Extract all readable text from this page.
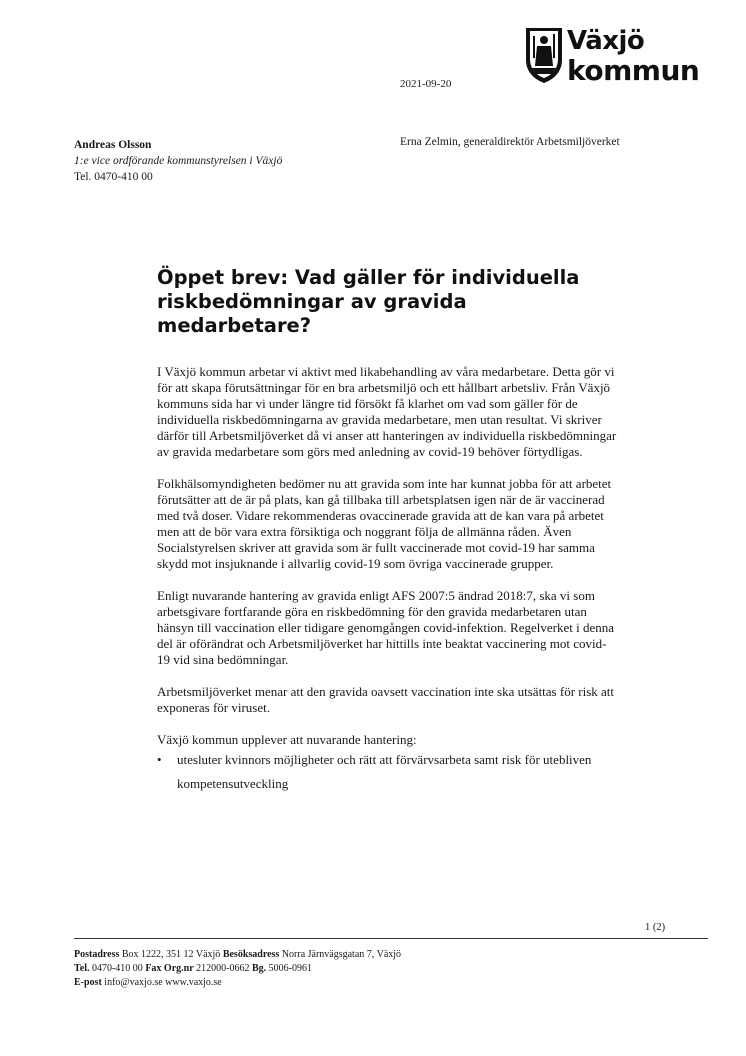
Växjö
kommun
2021-09-20
Andreas Olsson
1:e vice ordförande kommunstyrelsen i Växjö
Tel. 0470-410 00
Erna Zelmin, generaldirektör Arbetsmiljöverket
Öppet brev: Vad gäller för individuella riskbedömningar av gravida medarbetare?

I Växjö kommun arbetar vi aktivt med likabehandling av våra medarbetare. Detta gör vi för att skapa förutsättningar för en bra arbetsmiljö och ett hållbart arbetsliv. Från Växjö kommuns sida har vi under längre tid försökt få klarhet om vad som gäller för de individuella riskbedömningarna av gravida medarbetare, men utan resultat. Vi skriver därför till Arbetsmiljöverket då vi anser att hanteringen av individuella riskbedömningar av gravida medarbetare som görs med anledning av covid-19 behöver förtydligas.

Folkhälsomyndigheten bedömer nu att gravida som inte har kunnat jobba för att arbetet förutsätter att de är på plats, kan gå tillbaka till arbetsplatsen igen när de är vaccinerad med två doser. Vidare rekommenderas ovaccinerade gravida att de kan vara på arbetet men att de bör vara extra försiktiga och noggrant följa de allmänna råden. Även Socialstyrelsen skriver att gravida som är fullt vaccinerade mot covid-19 har samma skydd mot insjuknande i allvarlig covid-19 som övriga vaccinerade grupper.

Enligt nuvarande hantering av gravida enligt AFS 2007:5 ändrad 2018:7, ska vi som arbetsgivare fortfarande göra en riskbedömning för den gravida medarbetaren utan hänsyn till vaccination eller tidigare genomgången covid-infektion. Regelverket i denna del är oförändrat och Arbetsmiljöverket har hittills inte beaktat vaccinering mot covid-19 vid sina bedömningar.

Arbetsmiljöverket menar att den gravida oavsett vaccination inte ska utsättas för risk att exponeras för viruset.

Växjö kommun upplever att nuvarande hantering:

• utesluter kvinnors möjligheter och rätt att förvärvsarbeta samt risk för utebliven kompetensutveckling
1 (2)
Postadress Box 1222, 351 12 Växjö Besöksadress Norra Järnvägsgatan 7, Växjö
Tel. 0470-410 00 Fax Org.nr 212000-0662 Bg. 5006-0961
E-post info@vaxjo.se www.vaxjo.se
